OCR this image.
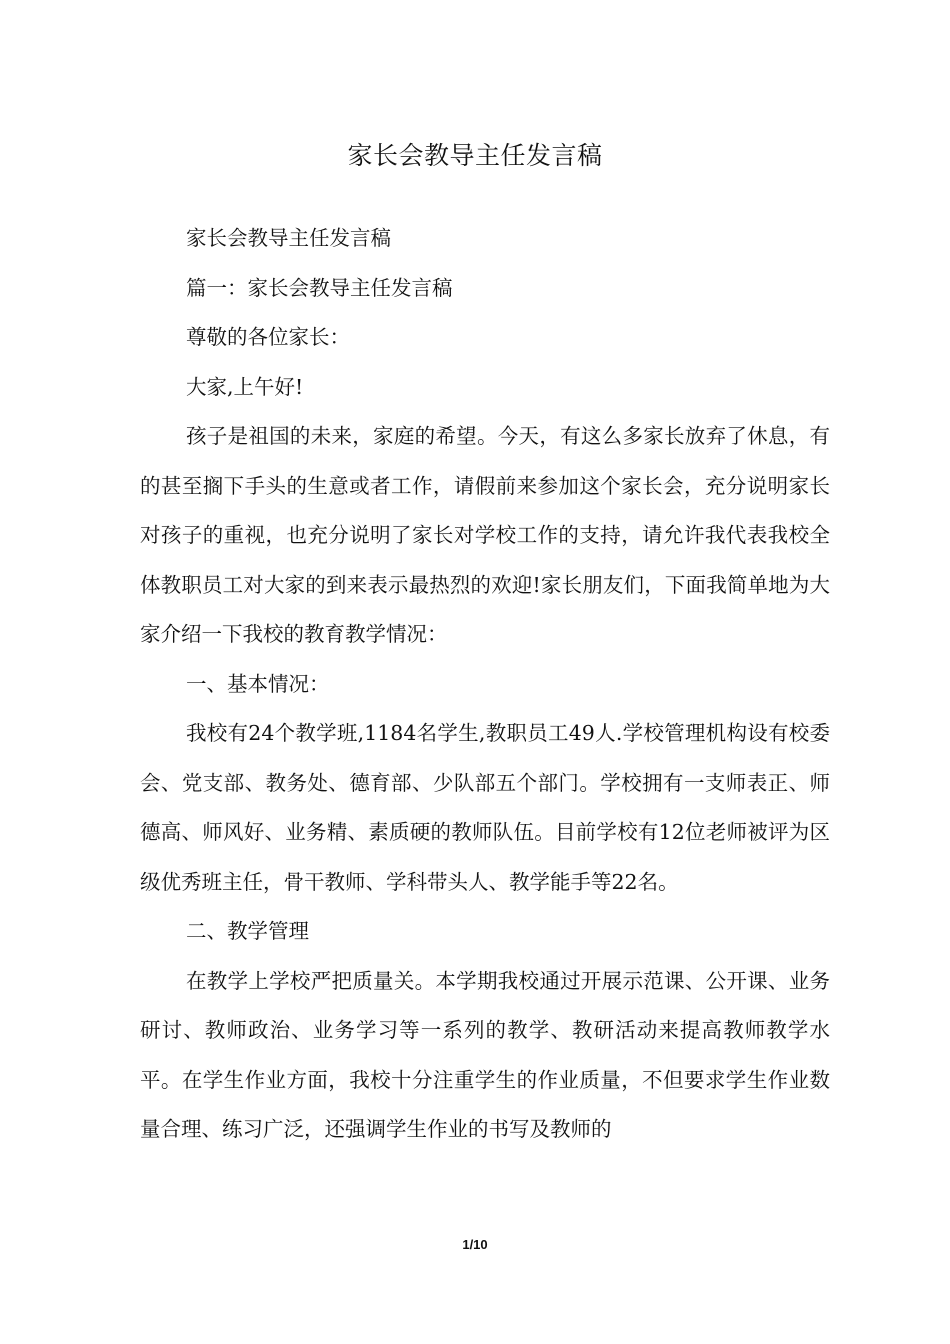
家长会教导主任发言稿

家长会教导主任发言稿

篇一：家长会教导主任发言稿

尊敬的各位家长：

大家,上午好!

孩子是祖国的未来，家庭的希望。今天，有这么多家长放弃了休息，有的甚至搁下手头的生意或者工作，请假前来参加这个家长会，充分说明家长对孩子的重视，也充分说明了家长对学校工作的支持，请允许我代表我校全体教职员工对大家的到来表示最热烈的欢迎!家长朋友们，下面我简单地为大家介绍一下我校的教育教学情况：

一、基本情况：

我校有24个教学班,1184名学生,教职员工49人.学校管理机构设有校委会、党支部、教务处、德育部、少队部五个部门。学校拥有一支师表正、师德高、师风好、业务精、素质硬的教师队伍。目前学校有12位老师被评为区级优秀班主任，骨干教师、学科带头人、教学能手等22名。

二、教学管理

在教学上学校严把质量关。本学期我校通过开展示范课、公开课、业务研讨、教师政治、业务学习等一系列的教学、教研活动来提高教师教学水平。在学生作业方面，我校十分注重学生的作业质量，不但要求学生作业数量合理、练习广泛，还强调学生作业的书写及教师的

1/10
